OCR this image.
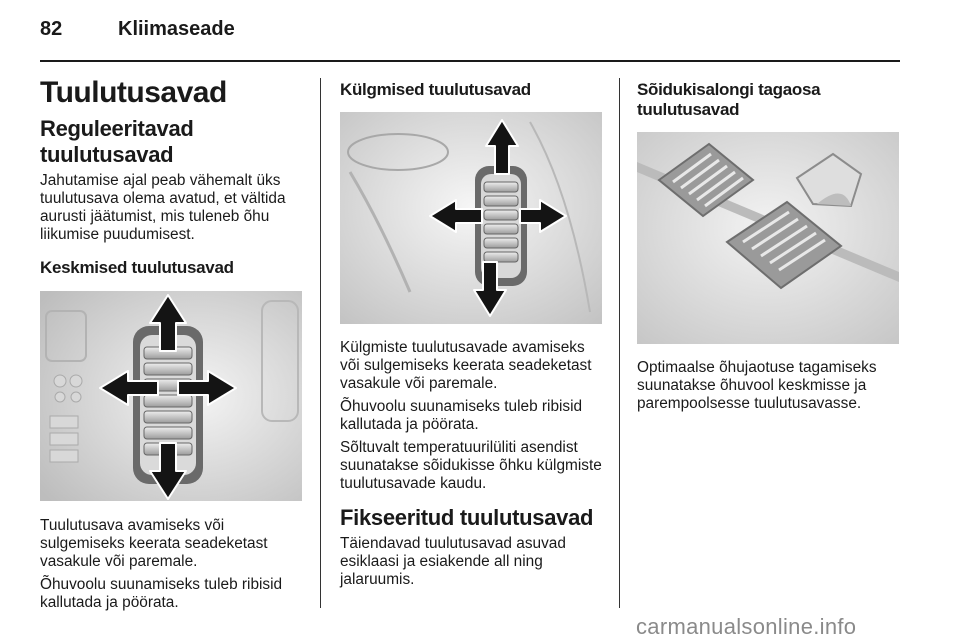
82	Kliimaseade
Tuulutusavad
Reguleeritavad tuulutusavad

Jahutamise ajal peab vähemalt üks tuulutusava olema avatud, et vältida aurusti jäätumist, mis tuleneb õhu liikumise puudumisest.

Keskmised tuulutusavad

Tuulutusava avamiseks või sulgemiseks keerata seadeketast vasakule või paremale.

Õhuvoolu suunamiseks tuleb ribisid kallutada ja pöörata.

Külgmised tuulutusavad

Külgmiste tuulutusavade avamiseks või sulgemiseks keerata seadeketast vasakule või paremale.

Õhuvoolu suunamiseks tuleb ribisid kallutada ja pöörata.

Sõltuvalt temperatuurilüliti asendist suunatakse sõidukisse õhku külgmiste tuulutusavade kaudu.

Fikseeritud tuulutusavad

Täiendavad tuulutusavad asuvad esiklaasi ja esiakende all ning jalaruumis.

Sõidukisalongi tagaosa tuulutusavad

Optimaalse õhujaotuse tagamiseks suunatakse õhuvool keskmisse ja parempoolsesse tuulutusavasse.

carmanualsonline.info
